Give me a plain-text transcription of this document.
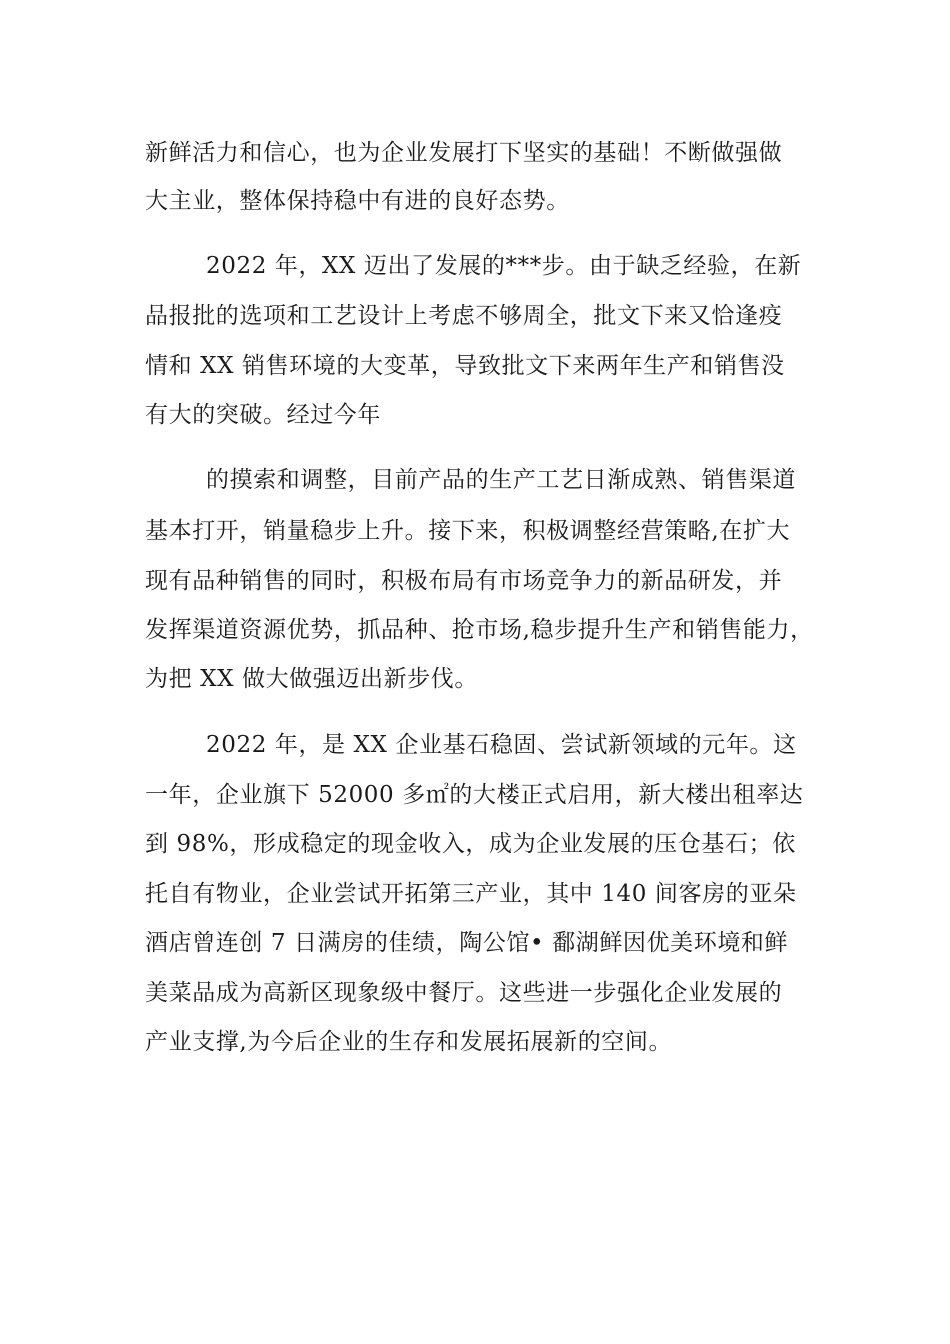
新鲜活力和信心，也为企业发展打下坚实的基础！不断做强做
大主业，整体保持稳中有进的良好态势。
2022 年，XX 迈出了发展的***步。由于缺乏经验，在新
品报批的选项和工艺设计上考虑不够周全，批文下来又恰逢疫
情和 XX 销售环境的大变革，导致批文下来两年生产和销售没
有大的突破。经过今年
的摸索和调整，目前产品的生产工艺日渐成熟、销售渠道
基本打开，销量稳步上升。接下来，积极调整经营策略,在扩大
现有品种销售的同时，积极布局有市场竞争力的新品研发，并
发挥渠道资源优势，抓品种、抢市场,稳步提升生产和销售能力，
为把 XX 做大做强迈出新步伐。
2022 年，是 XX 企业基石稳固、尝试新领域的元年。这
一年，企业旗下 52000 多㎡的大楼正式启用，新大楼出租率达
到 98%，形成稳定的现金收入，成为企业发展的压仓基石；依
托自有物业，企业尝试开拓第三产业，其中 140 间客房的亚朵
酒店曾连创 7 日满房的佳绩，陶公馆• 鄱湖鲜因优美环境和鲜
美菜品成为高新区现象级中餐厅。这些进一步强化企业发展的
产业支撑,为今后企业的生存和发展拓展新的空间。
